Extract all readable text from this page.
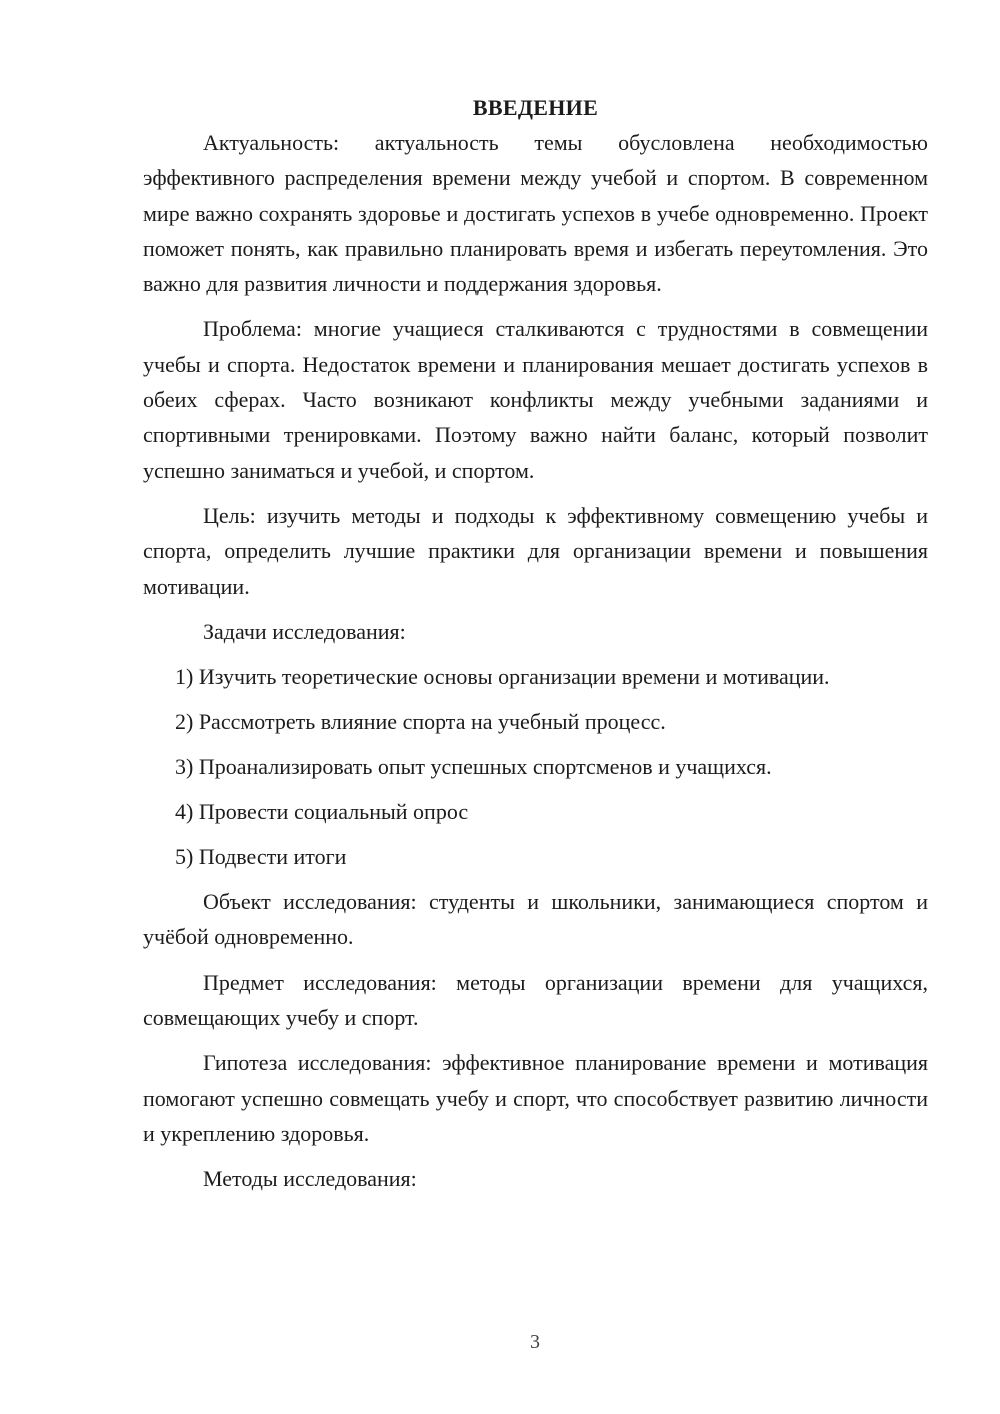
ВВЕДЕНИЕ

Актуальность: актуальность темы обусловлена необходимостью эффективного распределения времени между учебой и спортом. В современном мире важно сохранять здоровье и достигать успехов в учебе одновременно. Проект поможет понять, как правильно планировать время и избегать переутомления. Это важно для развития личности и поддержания здоровья.

Проблема: многие учащиеся сталкиваются с трудностями в совмещении учебы и спорта. Недостаток времени и планирования мешает достигать успехов в обеих сферах. Часто возникают конфликты между учебными заданиями и спортивными тренировками. Поэтому важно найти баланс, который позволит успешно заниматься и учебой, и спортом.

Цель: изучить методы и подходы к эффективному совмещению учебы и спорта, определить лучшие практики для организации времени и повышения мотивации.

Задачи исследования:

1) Изучить теоретические основы организации времени и мотивации.
2) Рассмотреть влияние спорта на учебный процесс.
3) Проанализировать опыт успешных спортсменов и учащихся.
4) Провести социальный опрос
5) Подвести итоги

Объект исследования: студенты и школьники, занимающиеся спортом и учёбой одновременно.

Предмет исследования: методы организации времени для учащихся, совмещающих учебу и спорт.

Гипотеза исследования: эффективное планирование времени и мотивация помогают успешно совмещать учебу и спорт, что способствует развитию личности и укреплению здоровья.

Методы исследования:

3
